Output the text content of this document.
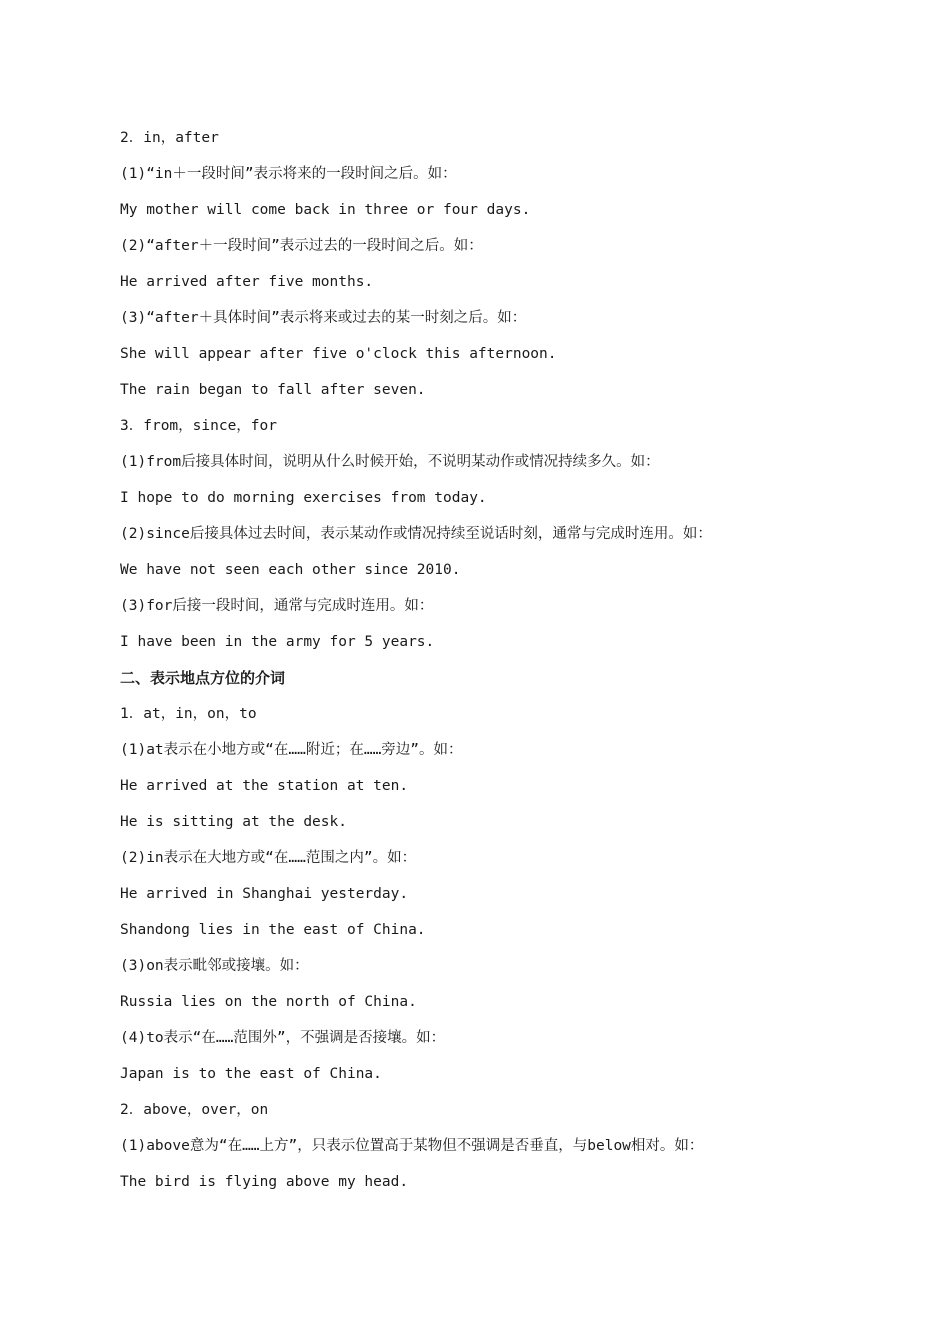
2．in，after
(1)“in＋一段时间”表示将来的一段时间之后。如：
My mother will come back in three or four days.
(2)“after＋一段时间”表示过去的一段时间之后。如：
He arrived after five months.
(3)“after＋具体时间”表示将来或过去的某一时刻之后。如：
She will appear after five o'clock this afternoon.
The rain began to fall after seven.
3．from，since，for
(1)from后接具体时间，说明从什么时候开始，不说明某动作或情况持续多久。如：
I hope to do morning exercises from today.
(2)since后接具体过去时间，表示某动作或情况持续至说话时刻，通常与完成时连用。如：
We have not seen each other since 2010.
(3)for后接一段时间，通常与完成时连用。如：
I have been in the army for 5 years.
二、表示地点方位的介词
1．at，in，on，to
(1)at表示在小地方或“在……附近；在……旁边”。如：
He arrived at the station at ten.
He is sitting at the desk.
(2)in表示在大地方或“在……范围之内”。如：
He arrived in Shanghai yesterday.
Shandong lies in the east of China.
(3)on表示毗邻或接壤。如：
Russia lies on the north of China.
(4)to表示“在……范围外”，不强调是否接壤。如：
Japan is to the east of China.
2．above，over，on
(1)above意为“在……上方”，只表示位置高于某物但不强调是否垂直，与below相对。如：
The bird is flying above my head.
